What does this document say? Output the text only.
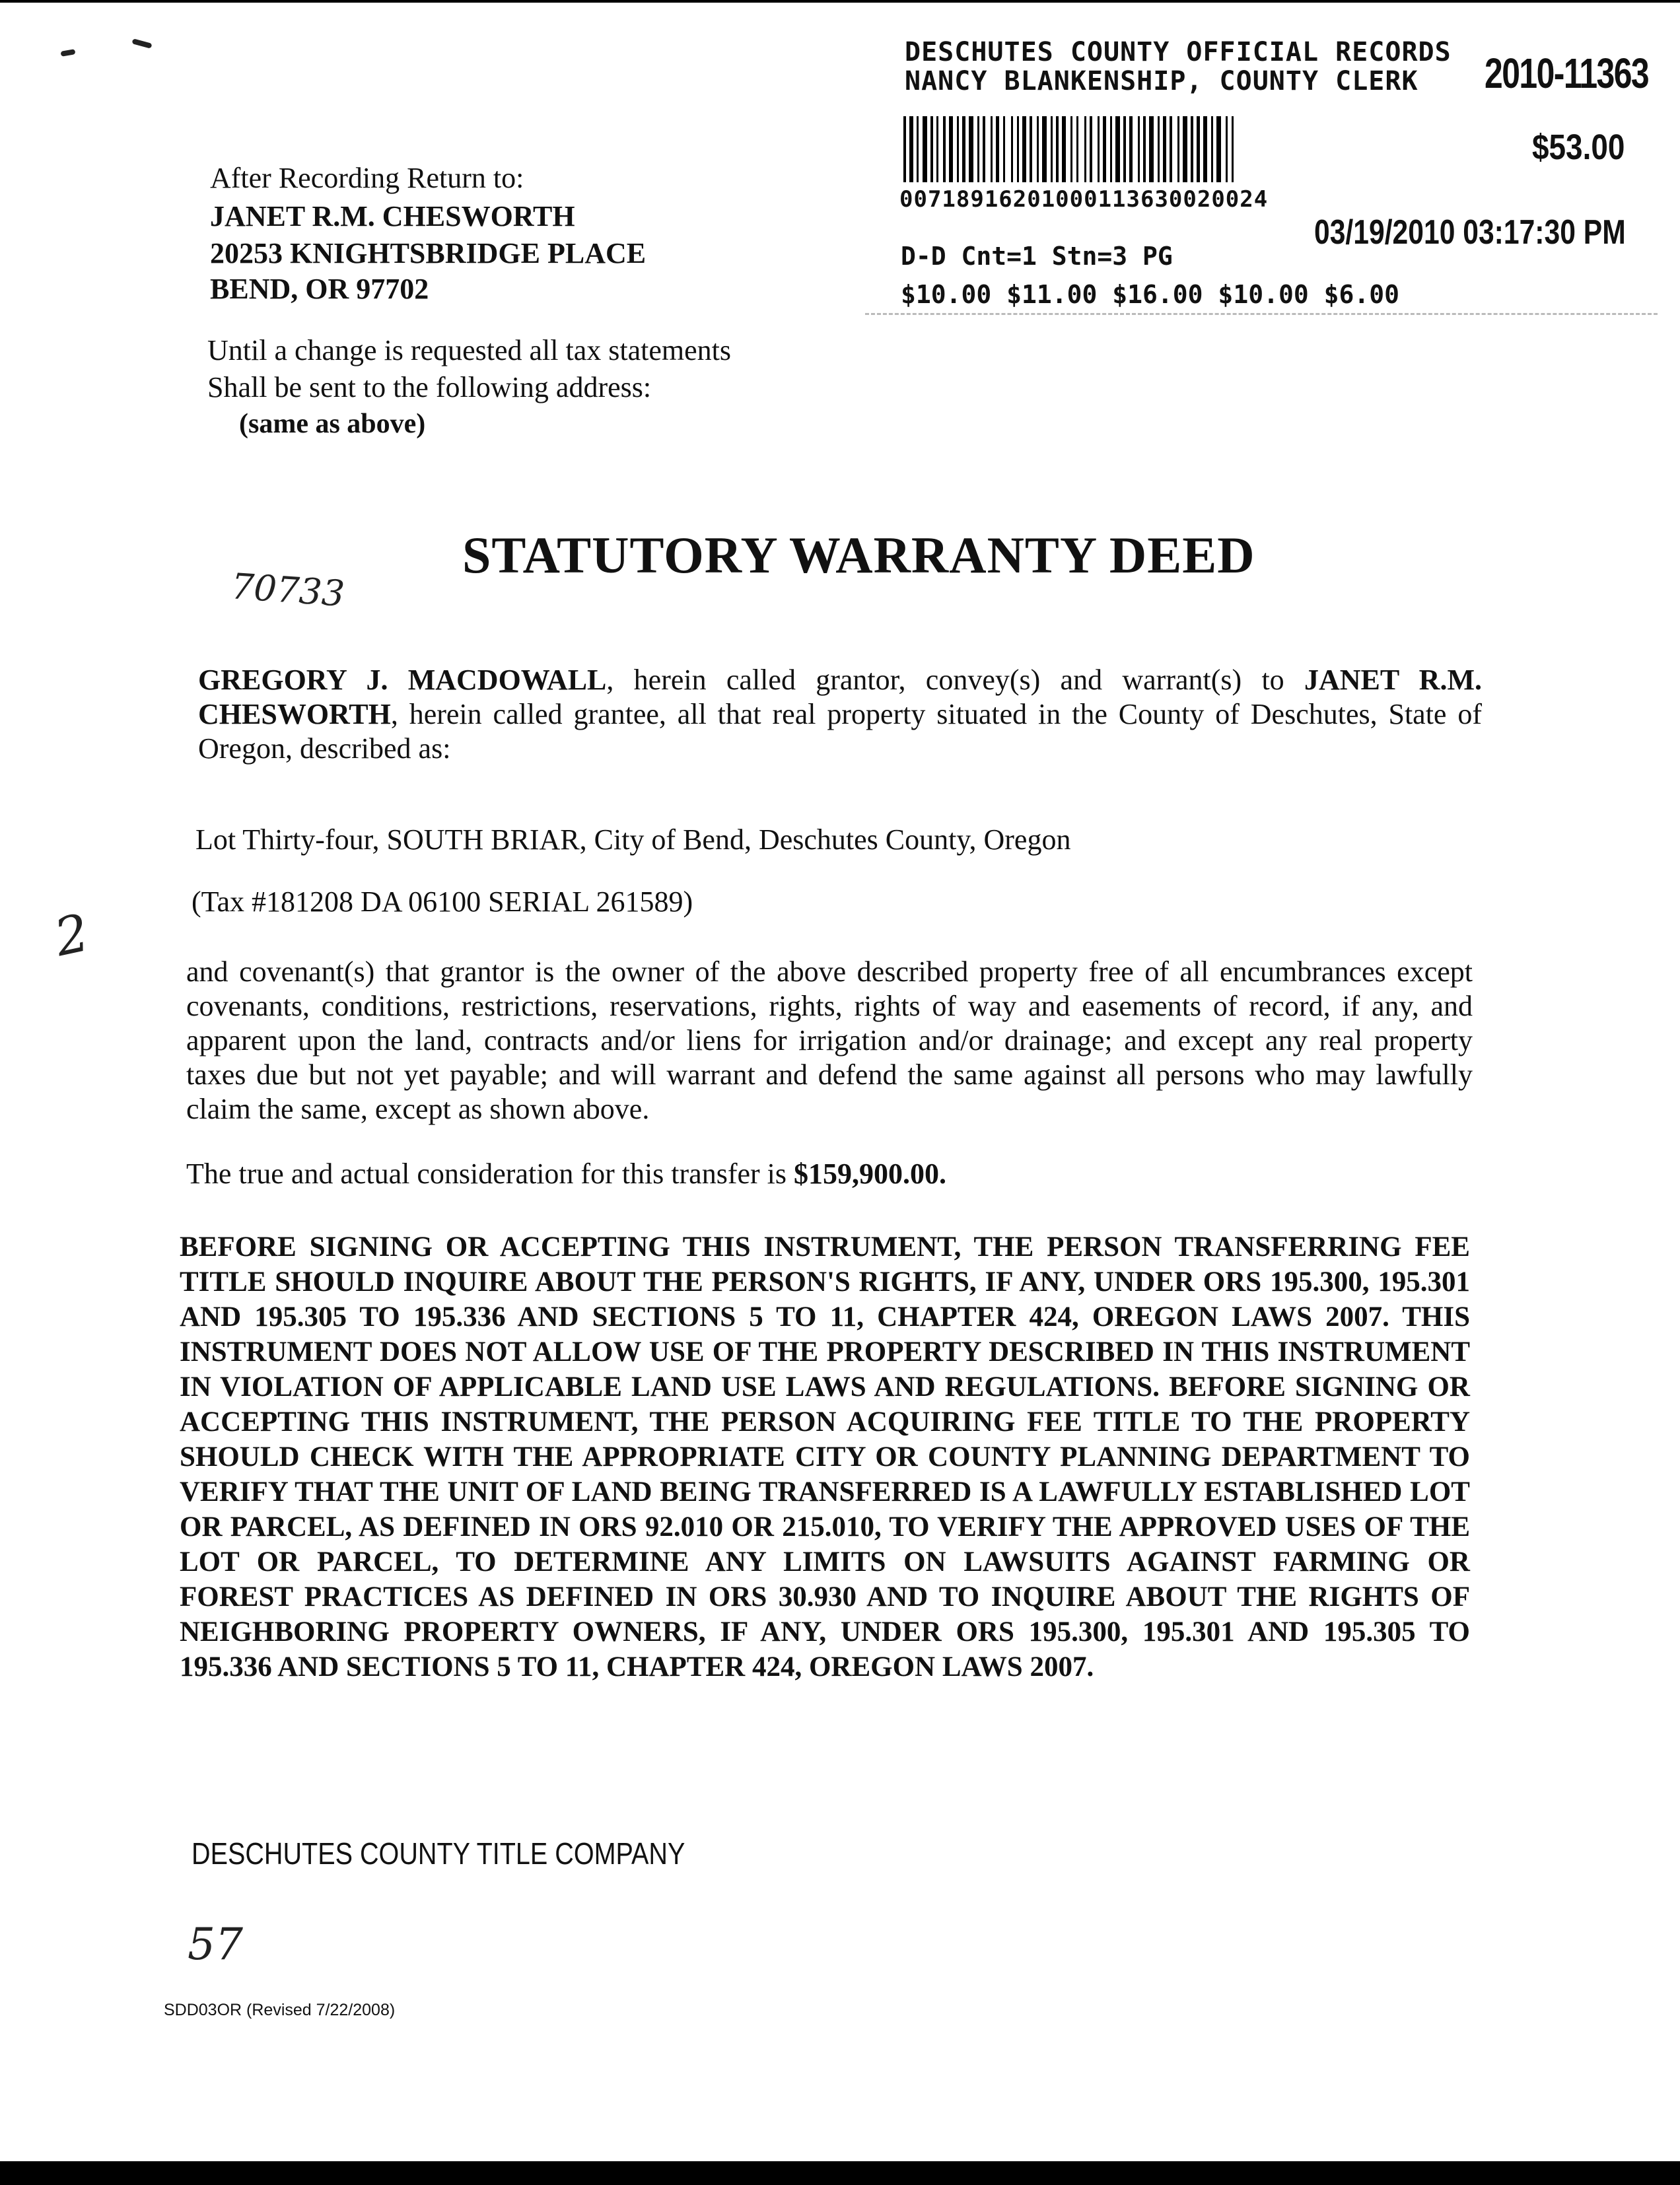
DESCHUTES COUNTY OFFICIAL RECORDS
NANCY BLANKENSHIP, COUNTY CLERK 2010-11363
$53.00
00718916201000113630020024
03/19/2010 03:17:30 PM
D-D Cnt=1 Stn=3 PG
$10.00 $11.00 $16.00 $10.00 $6.00
After Recording Return to:
JANET R.M. CHESWORTH
20253 KNIGHTSBRIDGE PLACE
BEND, OR 97702
Until a change is requested all tax statements
Shall be sent to the following address:
(same as above)
STATUTORY WARRANTY DEED
70733
2
57
GREGORY J. MACDOWALL, herein called grantor, convey(s) and warrant(s) to JANET R.M. CHESWORTH, herein called grantee, all that real property situated in the County of Deschutes, State of Oregon, described as:
Lot Thirty-four, SOUTH BRIAR, City of Bend, Deschutes County, Oregon
(Tax #181208 DA 06100 SERIAL 261589)
and covenant(s) that grantor is the owner of the above described property free of all encumbrances except covenants, conditions, restrictions, reservations, rights, rights of way and easements of record, if any, and apparent upon the land, contracts and/or liens for irrigation and/or drainage; and except any real property taxes due but not yet payable; and will warrant and defend the same against all persons who may lawfully claim the same, except as shown above.
The true and actual consideration for this transfer is $159,900.00.
BEFORE SIGNING OR ACCEPTING THIS INSTRUMENT, THE PERSON TRANSFERRING FEE TITLE SHOULD INQUIRE ABOUT THE PERSON'S RIGHTS, IF ANY, UNDER ORS 195.300, 195.301 AND 195.305 TO 195.336 AND SECTIONS 5 TO 11, CHAPTER 424, OREGON LAWS 2007. THIS INSTRUMENT DOES NOT ALLOW USE OF THE PROPERTY DESCRIBED IN THIS INSTRUMENT IN VIOLATION OF APPLICABLE LAND USE LAWS AND REGULATIONS. BEFORE SIGNING OR ACCEPTING THIS INSTRUMENT, THE PERSON ACQUIRING FEE TITLE TO THE PROPERTY SHOULD CHECK WITH THE APPROPRIATE CITY OR COUNTY PLANNING DEPARTMENT TO VERIFY THAT THE UNIT OF LAND BEING TRANSFERRED IS A LAWFULLY ESTABLISHED LOT OR PARCEL, AS DEFINED IN ORS 92.010 OR 215.010, TO VERIFY THE APPROVED USES OF THE LOT OR PARCEL, TO DETERMINE ANY LIMITS ON LAWSUITS AGAINST FARMING OR FOREST PRACTICES AS DEFINED IN ORS 30.930 AND TO INQUIRE ABOUT THE RIGHTS OF NEIGHBORING PROPERTY OWNERS, IF ANY, UNDER ORS 195.300, 195.301 AND 195.305 TO 195.336 AND SECTIONS 5 TO 11, CHAPTER 424, OREGON LAWS 2007.
DESCHUTES COUNTY TITLE COMPANY
SDD03OR (Revised 7/22/2008)
